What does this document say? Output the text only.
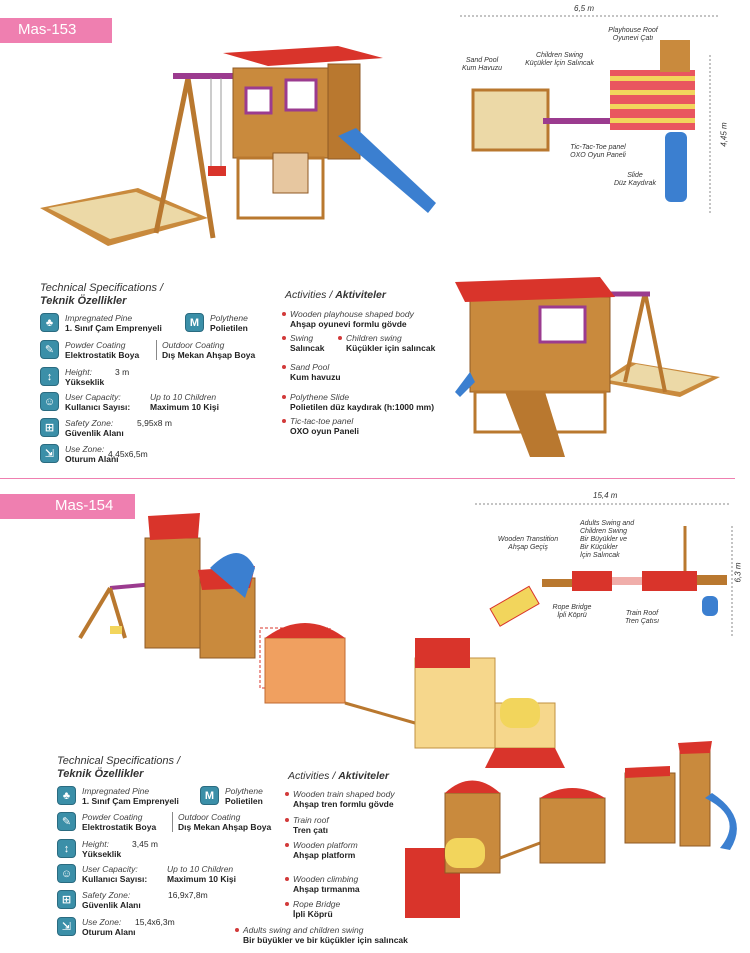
Mas-153
6,5 m
4,45 m
Sand Pool
Kum Havuzu
Children Swing
Küçükler İçin Salıncak
Playhouse Roof
Oyunevi Çatı
Tic-Tac-Toe panel
OXO Oyun Paneli
Slide
Düz Kaydırak
Technical Specifications /
Teknik Özellikler
♣	Impregnated Pine
1. Sınıf Çam Emprenyeli	M	Polythene
Polietilen
✎	Powder Coating
Elektrostatik Boya
Outdoor Coating
Dış Mekan Ahşap Boya
↕	Height:
Yükseklik
3 m
☺	User Capacity:
Kullanıcı Sayısı:
Up to 10 Children
Maximum 10 Kişi
⊞	Safety Zone:
Güvenlik Alanı
5,95x8 m
⇲	Use Zone:
Oturum Alanı
4,45x6,5m
Activities / Aktiviteler
Wooden playhouse shaped body
Ahşap oyunevi formlu gövde
Swing
Salıncak
Children swing
Küçükler için salıncak
Sand Pool
Kum havuzu
Polythene Slide
Polietilen düz kaydırak (h:1000 mm)
Tic-tac-toe panel
OXO oyun Paneli
Mas-154
15,4 m
6,3 m
Wooden Transtition
Ahşap Geçiş
Adults Swing and
Children Swing
Bir Büyükler ve
Bir Küçükler
İçin Salıncak
Rope Bridge
İpli Köprü	Train Roof
Tren Çatısı
Technical Specifications /
Teknik Özellikler
♣	Impregnated Pine
1. Sınıf Çam Emprenyeli	M	Polythene
Polietilen
✎	Powder Coating
Elektrostatik Boya
Outdoor Coating
Dış Mekan Ahşap Boya
↕	Height:
Yükseklik
3,45 m
☺	User Capacity:
Kullanıcı Sayısı:
Up to 10 Children
Maximum 10 Kişi
⊞	Safety Zone:
Güvenlik Alanı
16,9x7,8m
⇲	Use Zone:
Oturum Alanı
15,4x6,3m
Activities / Aktiviteler
Wooden train shaped body
Ahşap tren formlu gövde
Train roof
Tren çatı
Wooden platform
Ahşap platform
Wooden climbing
Ahşap tırmanma
Rope Bridge
İpli Köprü
Adults swing and children swing
Bir büyükler ve bir küçükler için salıncak
